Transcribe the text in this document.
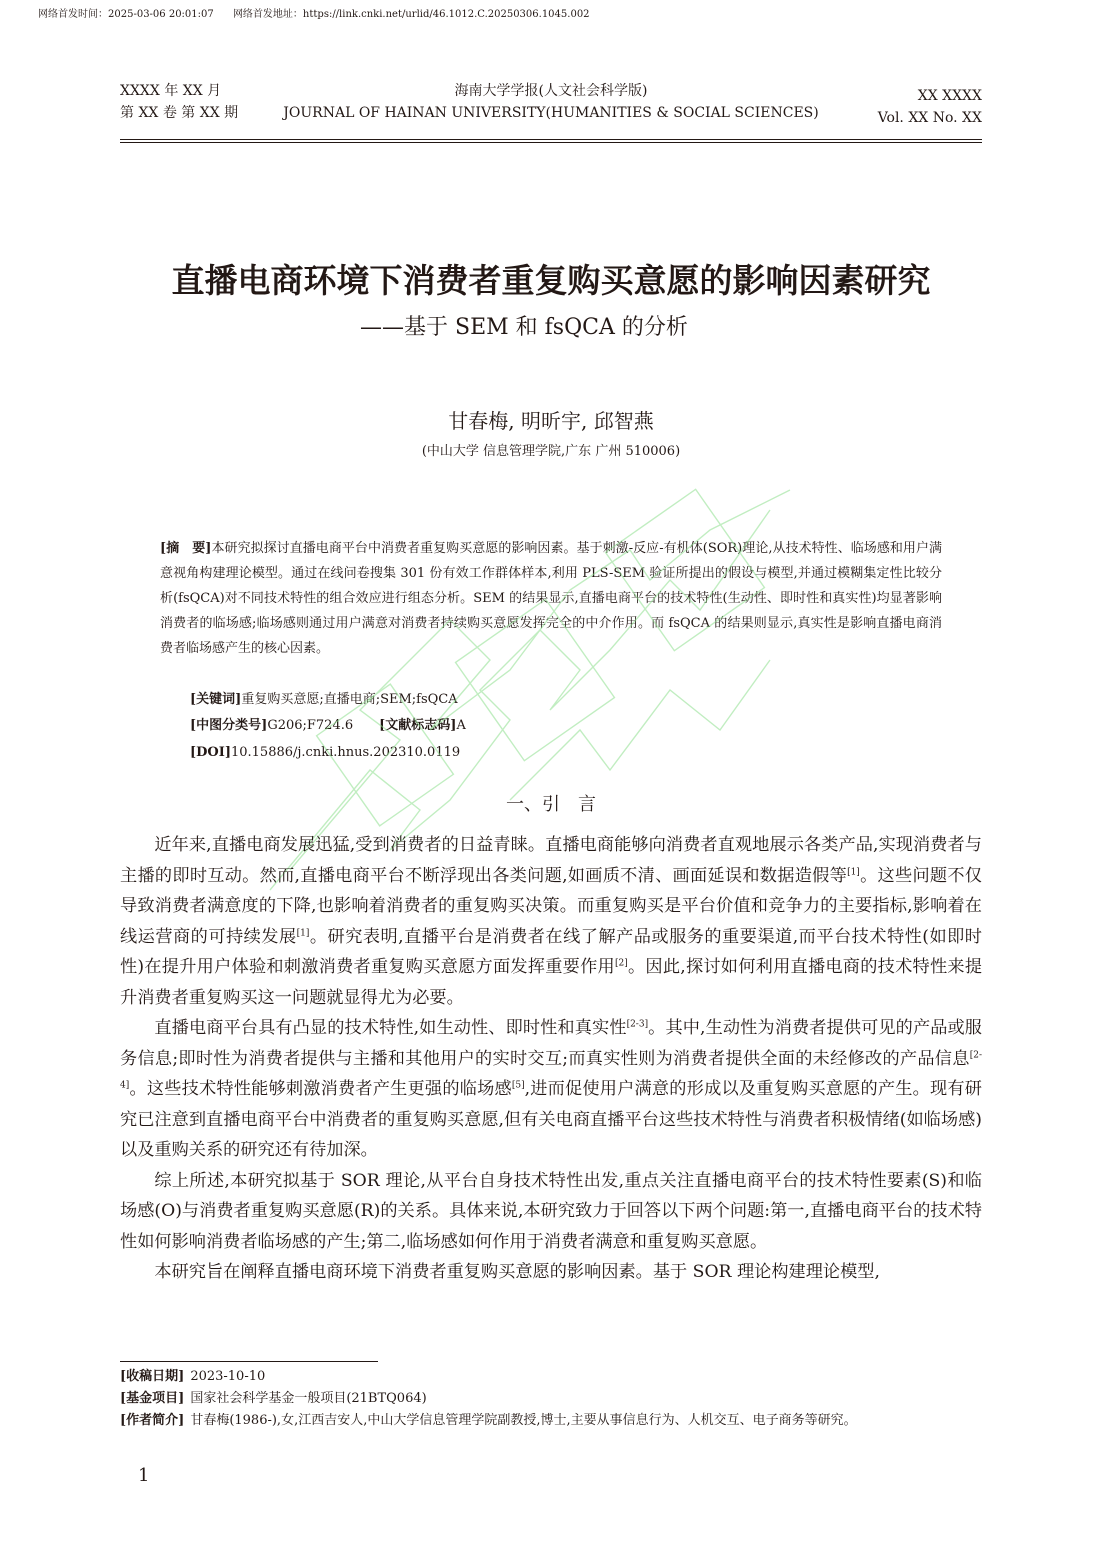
网络首发时间：2025-03-06 20:01:07 网络首发地址：https://link.cnki.net/urlid/46.1012.C.20250306.1045.002
XXXX 年 XX 月
第 XX 卷 第 XX 期
海南大学学报(人文社会科学版)
JOURNAL OF HAINAN UNIVERSITY(HUMANITIES & SOCIAL SCIENCES)
XX XXXX
Vol. XX No. XX
直播电商环境下消费者重复购买意愿的影响因素研究
——基于 SEM 和 fsQCA 的分析
甘春梅, 明昕宇, 邱智燕
(中山大学 信息管理学院,广东 广州 510006)
[摘　要]本研究拟探讨直播电商平台中消费者重复购买意愿的影响因素。基于刺激-反应-有机体(SOR)理论,从技术特性、临场感和用户满意视角构建理论模型。通过在线问卷搜集 301 份有效工作群体样本,利用 PLS-SEM 验证所提出的假设与模型,并通过模糊集定性比较分析(fsQCA)对不同技术特性的组合效应进行组态分析。SEM 的结果显示,直播电商平台的技术特性(生动性、即时性和真实性)均显著影响消费者的临场感;临场感则通过用户满意对消费者持续购买意愿发挥完全的中介作用。而 fsQCA 的结果则显示,真实性是影响直播电商消费者临场感产生的核心因素。
[关键词]重复购买意愿;直播电商;SEM;fsQCA
[中图分类号]G206;F724.6 [文献标志码]A
[DOI]10.15886/j.cnki.hnus.202310.0119
一、引　言

近年来,直播电商发展迅猛,受到消费者的日益青睐。直播电商能够向消费者直观地展示各类产品,实现消费者与主播的即时互动。然而,直播电商平台不断浮现出各类问题,如画质不清、画面延误和数据造假等[1]。这些问题不仅导致消费者满意度的下降,也影响着消费者的重复购买决策。而重复购买是平台价值和竞争力的主要指标,影响着在线运营商的可持续发展[1]。研究表明,直播平台是消费者在线了解产品或服务的重要渠道,而平台技术特性(如即时性)在提升用户体验和刺激消费者重复购买意愿方面发挥重要作用[2]。因此,探讨如何利用直播电商的技术特性来提升消费者重复购买这一问题就显得尤为必要。

直播电商平台具有凸显的技术特性,如生动性、即时性和真实性[2-3]。其中,生动性为消费者提供可见的产品或服务信息;即时性为消费者提供与主播和其他用户的实时交互;而真实性则为消费者提供全面的未经修改的产品信息[2-4]。这些技术特性能够刺激消费者产生更强的临场感[5],进而促使用户满意的形成以及重复购买意愿的产生。现有研究已注意到直播电商平台中消费者的重复购买意愿,但有关电商直播平台这些技术特性与消费者积极情绪(如临场感)以及重购关系的研究还有待加深。

综上所述,本研究拟基于 SOR 理论,从平台自身技术特性出发,重点关注直播电商平台的技术特性要素(S)和临场感(O)与消费者重复购买意愿(R)的关系。具体来说,本研究致力于回答以下两个问题:第一,直播电商平台的技术特性如何影响消费者临场感的产生;第二,临场感如何作用于消费者满意和重复购买意愿。

本研究旨在阐释直播电商环境下消费者重复购买意愿的影响因素。基于 SOR 理论构建理论模型,

[收稿日期] 2023-10-10
[基金项目] 国家社会科学基金一般项目(21BTQ064)
[作者简介] 甘春梅(1986-),女,江西吉安人,中山大学信息管理学院副教授,博士,主要从事信息行为、人机交互、电子商务等研究。
1
